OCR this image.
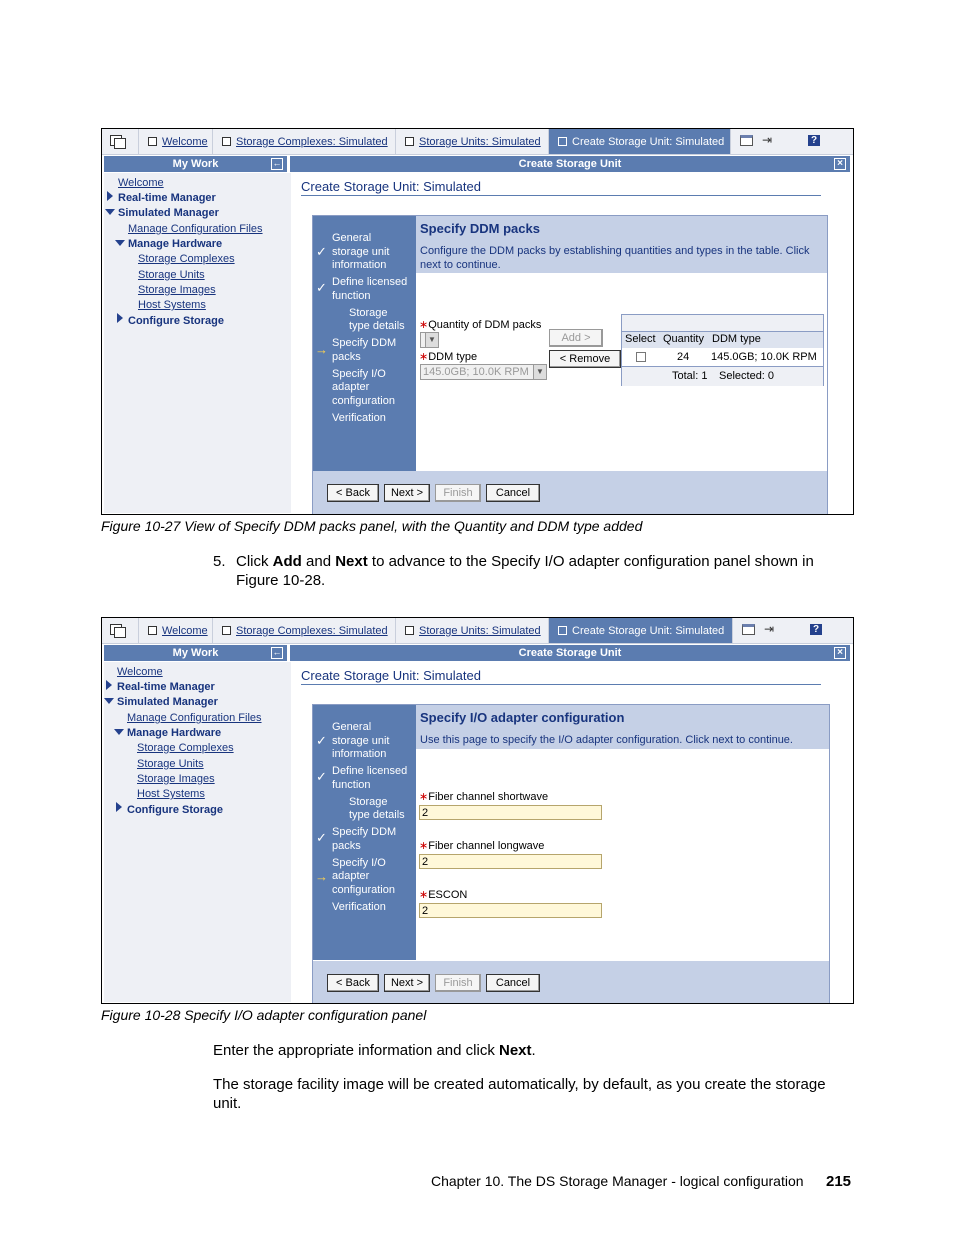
Welcome	Storage Complexes: Simulated	Storage Units: Simulated	Create Storage Unit: Simulated	⇥	?
My Work	←	Create Storage Unit	×
Welcome
Real-time Manager
Simulated Manager
Manage Configuration Files
Manage Hardware
Storage Complexes
Storage Units
Storage Images
Host Systems
Configure Storage
Create Storage Unit: Simulated
General
✓ storage unit
information
✓ Define licensed
function
Storage
type details
→ Specify DDM
packs
Specify I/O
adapter
configuration
Verification
Specify DDM packs
Configure the DDM packs by establishing quantities and types in the table. Click next to continue.
∗Quantity of DDM packs
▼
∗DDM type
145.0GB; 10.0K RPM ▼
Add >
< Remove
Select Quantity DDM type
24 145.0GB; 10.0K RPM
Total: 1 Selected: 0
< Back	Next >	Finish	Cancel
Figure 10-27 View of Specify DDM packs panel, with the Quantity and DDM type added
5. Click Add and Next to advance to the Specify I/O adapter configuration panel shown in Figure 10-28.
Welcome	Storage Complexes: Simulated	Storage Units: Simulated	Create Storage Unit: Simulated	⇥	?
My Work	←	Create Storage Unit	×
Welcome
Real-time Manager
Simulated Manager
Manage Configuration Files
Manage Hardware
Storage Complexes
Storage Units
Storage Images
Host Systems
Configure Storage
Create Storage Unit: Simulated
General
✓ storage unit
information
✓ Define licensed
function
Storage
type details
✓ Specify DDM
packs
→
Specify I/O
adapter
configuration
Verification
Specify I/O adapter configuration
Use this page to specify the I/O adapter configuration. Click next to continue.
∗Fiber channel shortwave
2
∗Fiber channel longwave
2
∗ESCON
2
< Back	Next >	Finish	Cancel
Figure 10-28 Specify I/O adapter configuration panel
Enter the appropriate information and click Next.
The storage facility image will be created automatically, by default, as you create the storage unit.
Chapter 10. The DS Storage Manager - logical configuration 215
